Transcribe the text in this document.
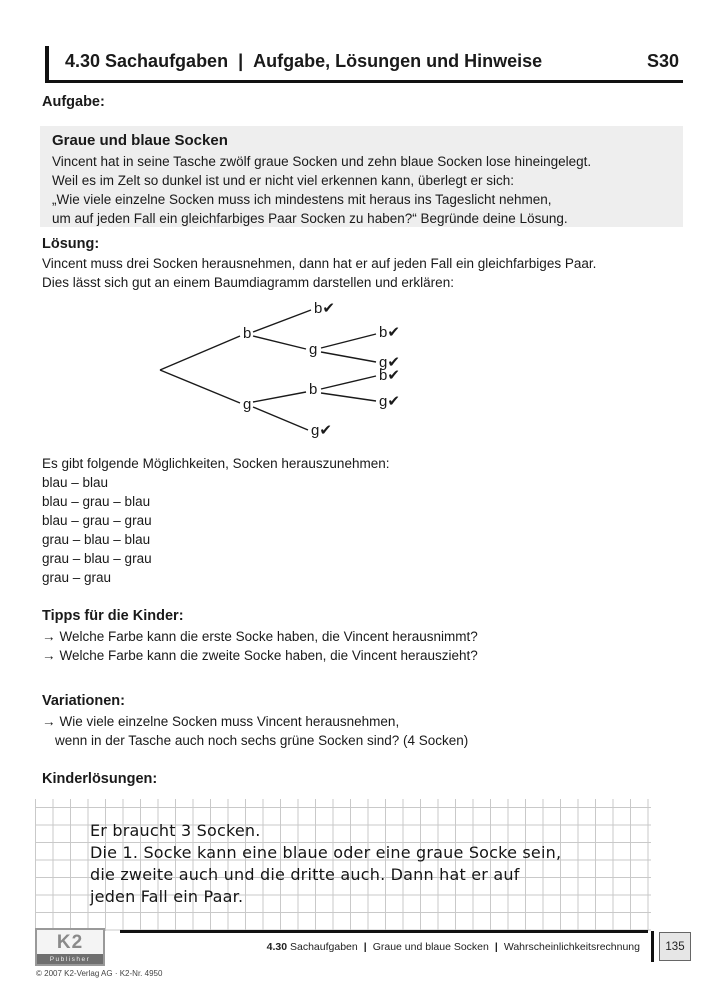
4.30 Sachaufgaben | Aufgabe, Lösungen und Hinweise	S30
Aufgabe:
Graue und blaue Socken
Vincent hat in seine Tasche zwölf graue Socken und zehn blaue Socken lose hineingelegt.
Weil es im Zelt so dunkel ist und er nicht viel erkennen kann, überlegt er sich:
„Wie viele einzelne Socken muss ich mindestens mit heraus ins Tageslicht nehmen,
um auf jeden Fall ein gleichfarbiges Paar Socken zu haben?“ Begründe deine Lösung.
Lösung:
Vincent muss drei Socken herausnehmen, dann hat er auf jeden Fall ein gleichfarbiges Paar.
Dies lässt sich gut an einem Baumdiagramm darstellen und erklären:
b
g
b✔
g
b✔
g✔
b
b✔
g✔
g✔
Es gibt folgende Möglichkeiten, Socken herauszunehmen:
blau – blau
blau – grau – blau
blau – grau – grau
grau – blau – blau
grau – blau – grau
grau – grau
Tipps für die Kinder:
→ Welche Farbe kann die erste Socke haben, die Vincent herausnimmt?
→ Welche Farbe kann die zweite Socke haben, die Vincent herauszieht?
Variationen:
→ Wie viele einzelne Socken muss Vincent herausnehmen,
wenn in der Tasche auch noch sechs grüne Socken sind? (4 Socken)
Kinderlösungen:
Er braucht 3 Socken.
Die 1. Socke kann eine blaue oder eine graue Socke sein,
die zweite auch und die dritte auch. Dann hat er auf
jeden Fall ein Paar.
K2
Publisher
4.30 Sachaufgaben | Graue und blaue Socken | Wahrscheinlichkeitsrechnung	135
© 2007 K2-Verlag AG · K2-Nr. 4950
